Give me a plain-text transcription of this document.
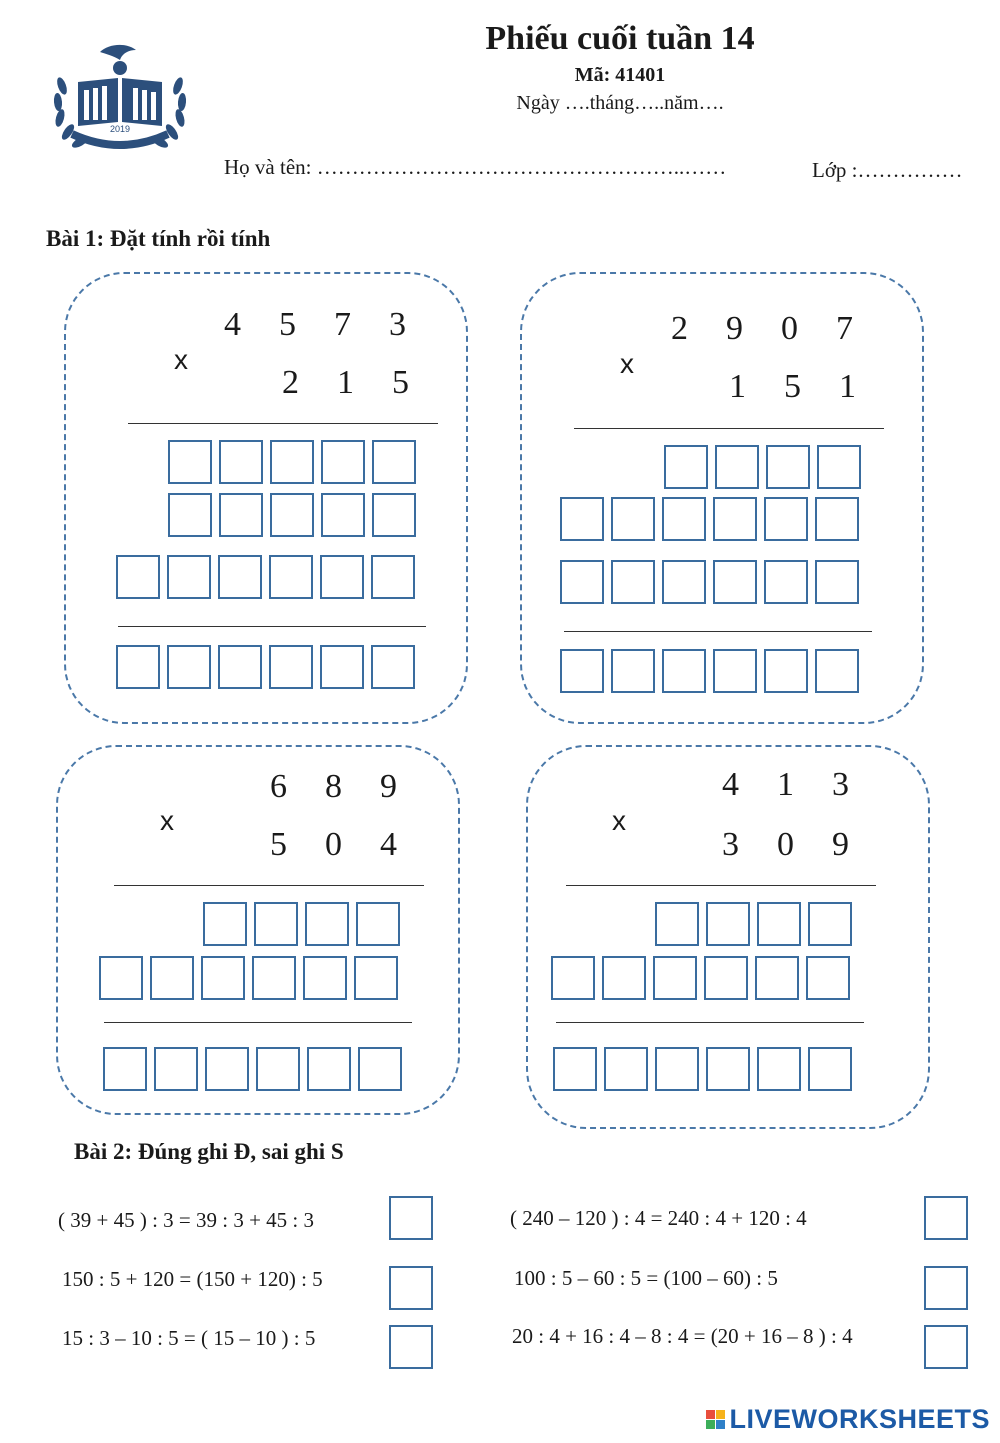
2019
Phiếu cuối tuần 14
Mã: 41401
Ngày ….tháng…..năm….
Họ và tên: ……………………………………………..……	Lớp :……………
Bài 1: Đặt tính rồi tính
x
4	5	7	3
2	1	5
x
2	9	0	7
1	5	1
x
6	8	9
5	0	4
x
4	1	3
3	0	9
Bài 2: Đúng ghi Đ, sai ghi S
( 39 + 45 ) : 3 = 39 : 3 + 45 : 3
150 : 5 + 120 = (150 + 120) : 5
15 : 3 – 10 : 5 = ( 15 – 10 ) : 5
( 240 – 120 ) : 4 = 240 : 4 + 120 : 4
100 : 5 – 60 : 5 = (100 – 60) : 5
20 : 4 + 16 : 4 – 8 : 4 = (20 + 16 – 8 ) : 4
LIVEWORKSHEETS
